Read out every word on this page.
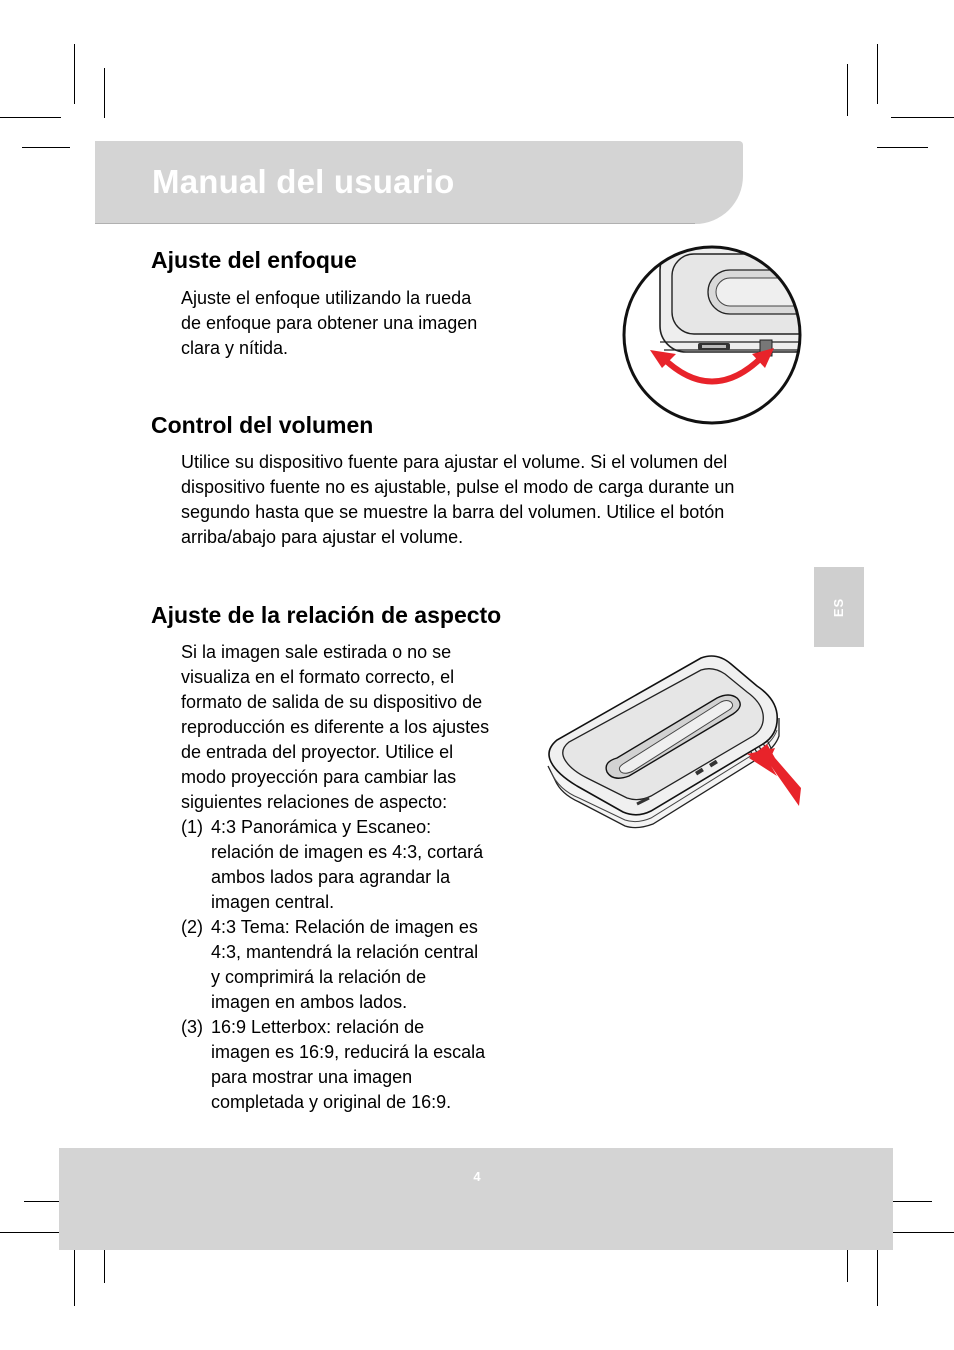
Manual del usuario
Ajuste del enfoque

Ajuste el enfoque utilizando la rueda
de enfoque para obtener una imagen
clara y nítida.

Control del volumen

Utilice su dispositivo fuente para ajustar el volume. Si el volumen del
dispositivo fuente no es ajustable, pulse el modo de carga durante un
segundo hasta que se muestre la barra del volumen. Utilice el botón
arriba/abajo para ajustar el volume.

ES
Ajuste de la relación de aspecto

Si la imagen sale estirada o no se
visualiza en el formato correcto, el
formato de salida de su dispositivo de
reproducción es diferente a los ajustes
de entrada del proyector. Utilice el
modo proyección para cambiar las
siguientes relaciones de aspecto:

(1) 4:3 Panorámica y Escaneo:
relación de imagen es 4:3, cortará
ambos lados para agrandar la
imagen central.
(2) 4:3 Tema: Relación de imagen es
4:3, mantendrá la relación central
y comprimirá la relación de
imagen en ambos lados.
(3) 16:9 Letterbox: relación de
imagen es 16:9, reducirá la escala
para mostrar una imagen
completada y original de 16:9.
4
